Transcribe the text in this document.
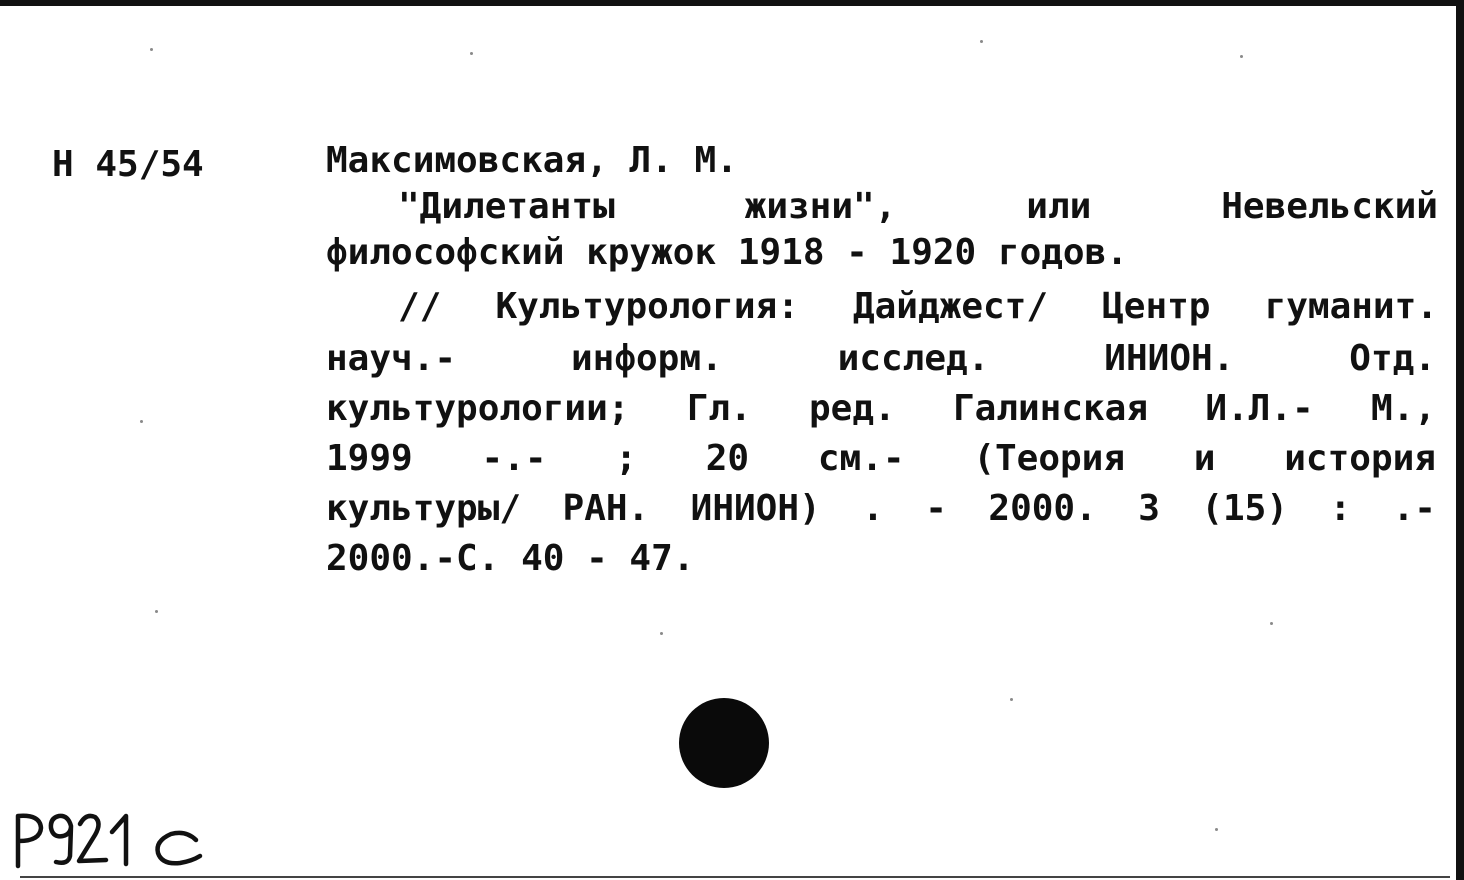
Н 45/54	Максимовская, Л. М.
"Дилетанты	жизни",	или	Невельский
философский кружок 1918 - 1920 годов.
// Культурология: Дайджест/ Центр гуманит.
науч.-	информ.	исслед.	ИНИОН.	Отд.
культурологии; Гл. ред. Галинская И.Л.- М.,
1999 -.- ; 20 см.- (Теория и история
культуры/ РАН. ИНИОН) . - 2000. 3 (15) : .-
2000.-С. 40 - 47.
